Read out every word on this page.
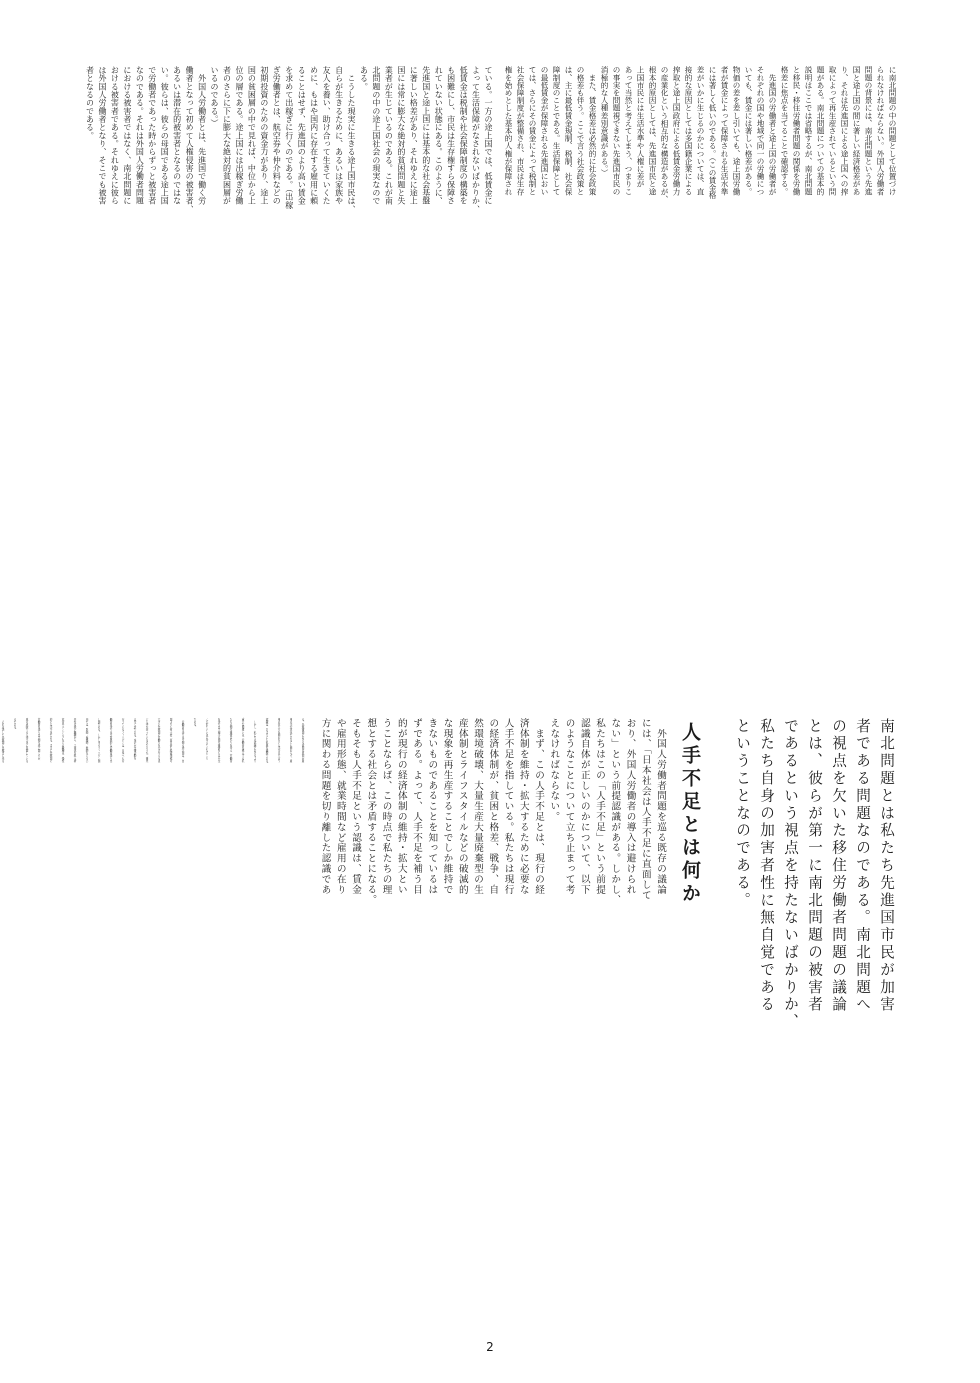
に南北問題の中の問題として位置づけ
られなければならない。外国人労働者
問題の背景には、南北問題という先進
国と途上国の間に著しい経済格差があ
り、それは先進国による途上国への搾
取によって再生産されているという問
題がある。南北問題についての基本的
説明はここでは省略するが、南北問題
と移民・移住労働者問題の関係を労働
格差に焦点を当てることで確認する。
　先進国の労働者と途上国の労働者が
それぞれの国や地域で同一の労働につ
いても、賃金には著しい格差がある。
物価の差を差し引いても、途上国労働
者が賃金によって保障される生活水準
には著しく低いのである。（この賃金格
差がいかに生じるのかについては、直
接的な原因としては多国籍企業による
搾取と途上国政府による低賃金労働力
の産業化という相互的な構造があるが、
根本的原因としては、先進国市民と途
上国市民には生活水準や人権に差が
あって当然と考えてしまう、つまりこ
の事実を問題視できない先進国市民の
消極的な人種差別意識がある。）
　また、賃金格差は必然的に社会政策
の格差も伴う。ここで言う社会政策と
は、主に最低賃金規制、税制、社会保
障制度のことである。生活保障として
の最低賃金が保障される先進国におい
ては、さらにその賃金によって税制と
社会保障制度が整備され、市民は生存
権を始めとした基本的人権が保障され
ている。一方の途上国では、低賃金に
よって生活保障がなされないばかりか、
低賃金は税制や社会保障制度の構築を
も困難にし、市民は生存権すら保障さ
れていない状態にある。このように、
先進国と途上国には基本的な社会基盤
に著しい格差があり、それゆえに途上
国には常に膨大な絶対的貧困問題と失
業者が生じているのである。これが南
北問題の中の途上国社会の現実なので
ある。
　こうした現実に生きる途上国市民は、
自らが生きるために、あるいは家族や
友人を養い、助け合って生きていくた
めに、もはや国内に存在する雇用に頼
ることはせず、先進国のより高い賃金
を求めて出稼ぎに行くのである。（出稼
ぎ労働者とは、航空券や仲介料などの
初期投資のための資金力があり、途上
国の貧困層の中で見れば、中位から上
位の層である。途上国には出稼ぎ労働
者のさらに下に膨大な絶対的貧困層が
いるのである。）
　外国人労働者とは、先進国で働く労
働者となって初めて人権侵害の被害者、
あるいは潜在的被害者となるのではな
い。彼らは、彼らの母国である途上国
で労働者であった時からずっと被害者
なのである。それは外国人労働者問題
における被害者ではなく、南北問題に
おける被害者である。それゆえに彼ら
は外国人労働者となり、そこでも被害
者となるのである。
南北問題とは私たち先進国市民が加害
者である問題なのである。南北問題へ
の視点を欠いた移住労働者問題の議論
とは、彼らが第一に南北問題の被害者
であるという視点を持たないばかりか、
私たち自身の加害者性に無自覚である
ということなのである。
人手不足とは何か
　外国人労働者問題を巡る既存の議論
には、「日本社会は人手不足に直面して
おり、外国人労働者の導入は避けられ
ない」という前提認識がある。しかし、
私たちはこの「人手不足」という前提
認識自体が正しいのかについて、以下
のようなことについて立ち止まって考
えなければならない。
　まず、この人手不足とは、現行の経
済体制を維持・拡大するために必要な
人手不足を指している。私たちは現行
の経済体制が、貧困と格差、戦争、自
然環境破壊、大量生産大量廃棄型の生
産体制とライフスタイルなどの破滅的
な現象を再生産することでしか維持で
きないものであることを知っているは
ずである。よって、人手不足を補う目
的が現行の経済体制の維持・拡大とい
うことならば、この時点で私たちの理
想とする社会とは矛盾することになる。
そもそも人手不足という認識は、賃金
や雇用形態、就業時間など雇用の在り
方に関わる問題を切り離した認識であ
る。先進諸国における貧困の原因が雇
用の不安定化であるにも関わらず、雇
用の在り方を問わない人手不足と言う
認識は、あまりにも乱暴な論理である。
　しかし、私たちの認識におけるより
重大な間違いは、労働者を導入する私
たちの側の事情ばかりを考え、労働者
を送り出す相手の国の事情をもはや全
く忘れていいほど考えていないこと
である。
　労働者を送り出す側の途上国は、自
国よりも何十倍、何百倍も経済規模の
大きい先進国に労働力を分け与えるほ
ど人手が余っているのだろうか。事実
は全く逆である。本会が支援活動を
行っているフィリピンは、日本へも労
働者を送り出す世界的な労働者送り出
し国である。しかし当のフィリピン国
内では、医師、看護師、教師などの公
共性の強い職種から、工業化を担う研
究者やエンジニアなどの職種は、慢性
的に人手不足である。まさに先進国に
労働者を送り出す側の途上国こそが、
真の意味での人手不足に直面している
のである。
　それは決して先進国に出稼ぎに来る

2
